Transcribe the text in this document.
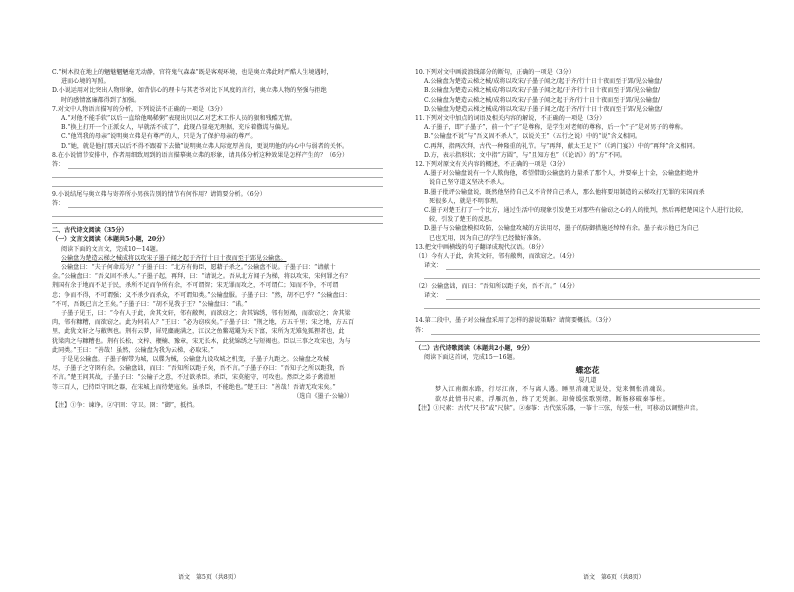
C.“树木投在地上的魑魅魍魉毫无动静，官符鬼气森森”既是客观环境，也是奥立弗此时严酷人生境遇时，
进而心境的写照。
D.小说运用对比突出人物形象，如背信心的理卡与其老爷对比下风度的言行，奥立弗人物的坚强与拒绝
时的感情富廉都得到了加强。
7.对文中人物语言描写的分析，下列说法不正确的一项是（3分）
A.“对他不能手软”以后一直给他喝稀粥”表现出贝以乙对艺术工作人员的狠和残酷无情。
B.“换上打开一个正派女人，早就活不成了”，此现凸显毫无理据，充斥着撒谎与偏见。
C.“他骂我的母亲”说明奥立弗是有尊严的人，只是为了保护母亲的尊严。
D.“她，就是他打那天以后不得不跟着下去做”说明奥立弗人际宽厚善良，更说明他的内心中与弱者的关怀。
8.在小说情节安排中，作者用细致周到的语言描摹奥立弗的形象，请具体分析这种效果是怎样产生的？（6分）
答：
9.小说结尾与奥立弗与寄养所小男孩告别的情节有何作用？请简要分析。（6分）
答：
二、古代诗文阅读（35分）
（一）文言文阅读（本题共5小题，20分）
阅读下面的文言文，完成10～14题。
公输盘为楚造云梯之械成将以攻宋子墨子闻之起于齐行十日十夜而至于郢见公输盘。
公输盘曰：“夫子何命焉为？”子墨子曰：“北方有侮臣，愿藉子杀之。”公输盘不说。子墨子曰：“请献十
金。”公输盘曰：“吾义固不杀人。”子墨子起，再拜，曰：“请说之。吾从北方闻子为梯，将以攻宋，宋何罪之有？
荆国有余于地而不足于民，杀所不足而争所有余，不可谓智；宋无罪而攻之，不可谓仁；知而不争，不可谓
忠；争而不得，不可谓强；义不杀少而杀众，不可谓知类。”公输盘服。子墨子曰：“然，胡不已乎？”公输盘曰：
“不可，吾既已言之王矣。”子墨子曰：“胡不见我于王？”公输盘曰：“诺。”
子墨子见王，曰：“今有人于此，舍其文轩，邻有敝舆，而欲窃之；舍其锦绣，邻有短褐，而欲窃之；舍其梁
肉，邻有糠糟，而欲窃之。此为何若人？”王曰：“必为窃疾矣。”子墨子曰：“荆之地，方五千里；宋之地，方五百
里，此犹文轩之与敝舆也。荆有云梦，犀兕麋鹿满之，江汉之鱼鳖鼋鼍为天下富，宋所为无雉兔狐狸者也，此
犹梁肉之与糠糟也。荆有长松、文梓、楩楠、豫章，宋无长木，此犹锦绣之与短褐也。臣以三事之攻宋也，为与
此同类。”王曰：“善哉！虽然，公输盘为我为云梯，必取宋。”
于是见公输盘。子墨子解带为城，以牒为械，公输盘九设攻城之机变，子墨子九距之。公输盘之攻械
尽，子墨子之守圉有余。公输盘诎，而曰：“吾知所以距子矣，吾不言。”子墨子亦曰：“吾知子之所以距我，吾
不言。”楚王问其故，子墨子曰：“公输子之意，不过欲杀臣。杀臣，宋莫能守，可攻也。然臣之弟子禽滑厘
等三百人，已持臣守圉之器，在宋城上而待楚寇矣。虽杀臣，不能绝也。”楚王曰：“善哉！吾请无攻宋矣。”
（选自《墨子·公输》）
【注】①争：谏诤。②守圉：守卫。圉：“御”，抵挡。
语文　第5页（共8页）
10.下列对文中画波浪线部分的断句，正确的一项是（3分）
A.公输盘为楚造云梯之械/成将以攻宋/子墨子闻之/起于齐/行十日十夜而至于郢/见公输盘/
B.公输盘为楚造云梯之械成/将以攻宋/子墨子闻之起/于齐行十日十夜而至于郢/见公输盘/
C.公输盘为楚造云梯之械/成将以攻宋/子墨子闻之起于齐/行十日十夜而至于郢/见公输盘/
D.公输盘为楚造云梯之械成/将以攻宋/子墨子闻之/起于齐/行十日十夜而至于郢/见公输盘/
11.下列对文中加点的词语及相关内容的解说，不正确的一项是（3分）
A.子墨子，即“子墨子”，前一个“子”是尊称，是学生对老师的尊称，后一个“子”是对男子的尊称。
B.“公输盘不说”与“吾义固不杀人”，以说关王”（五行之说）中的“说”含义相同。
C.再拜，指两次拜，古代一种隆重的礼节。与“再拜，献太王足下”（《鸿门宴》）中的“再拜”含义相同。
D.方，表示指形状；文中指“方圆”，与“且知方也”（《论语》）的“方”不同。
12.下列对原文有关内容的概述，不正确的一项是（3分）
A.墨子对公输盘说有一个人欺侮他，希望借助公输盘的力量杀了那个人，并要奉上十金，公输盘拒绝并
说自己坚守道义坚决不杀人。
B.墨子批评公输盘说，既然他坚持自己义不肯替自己杀人，那么他将要用制造的云梯攻打无罪的宋国而杀
死很多人，就是不明事理。
C.墨子对楚王打了一个比方，通过生活中的现象引发楚王对那些有偷窃之心的人的批判，然后再把楚国这个人进行比较，
较，引发了楚王的反思。
D.墨子与公输盘模拟攻防，公输盘攻城的方法用尽，墨子的防御措施还绰绰有余。墨子表示他已为自己
已也无用，因为自己的学生已经做好准备。
13.把文中画横线的句子翻译成现代汉语。（8分）
（1）今有人于此，舍其文轩，邻有敝舆，而欲窃之。（4分）
译文：
（2）公输盘诎，而曰：“吾知所以距子矣，吾不言。”（4分）
译文：
14.第二段中，墨子对公输盘采用了怎样的游说策略？请简要概括。（3分）
答：
（二）古代诗歌阅读（本题共2小题，9分）
阅读下面这首词，完成15～16题。
蝶恋花
晏几道
梦入江南烟水路，行尽江南，不与离人遇。睡里消魂无说处，觉来惆怅消魂误。
欲尽此情书尺素，浮雁沉鱼，终了无凭据。却倚缓弦歌别绪，断肠移破秦筝柱。
【注】①尺素：古代“尺书”或“尺牍”。②秦筝：古代弦乐器，一筝十三弦，每弦一柱，可移动以调整声音。
语文　第6页（共8页）
